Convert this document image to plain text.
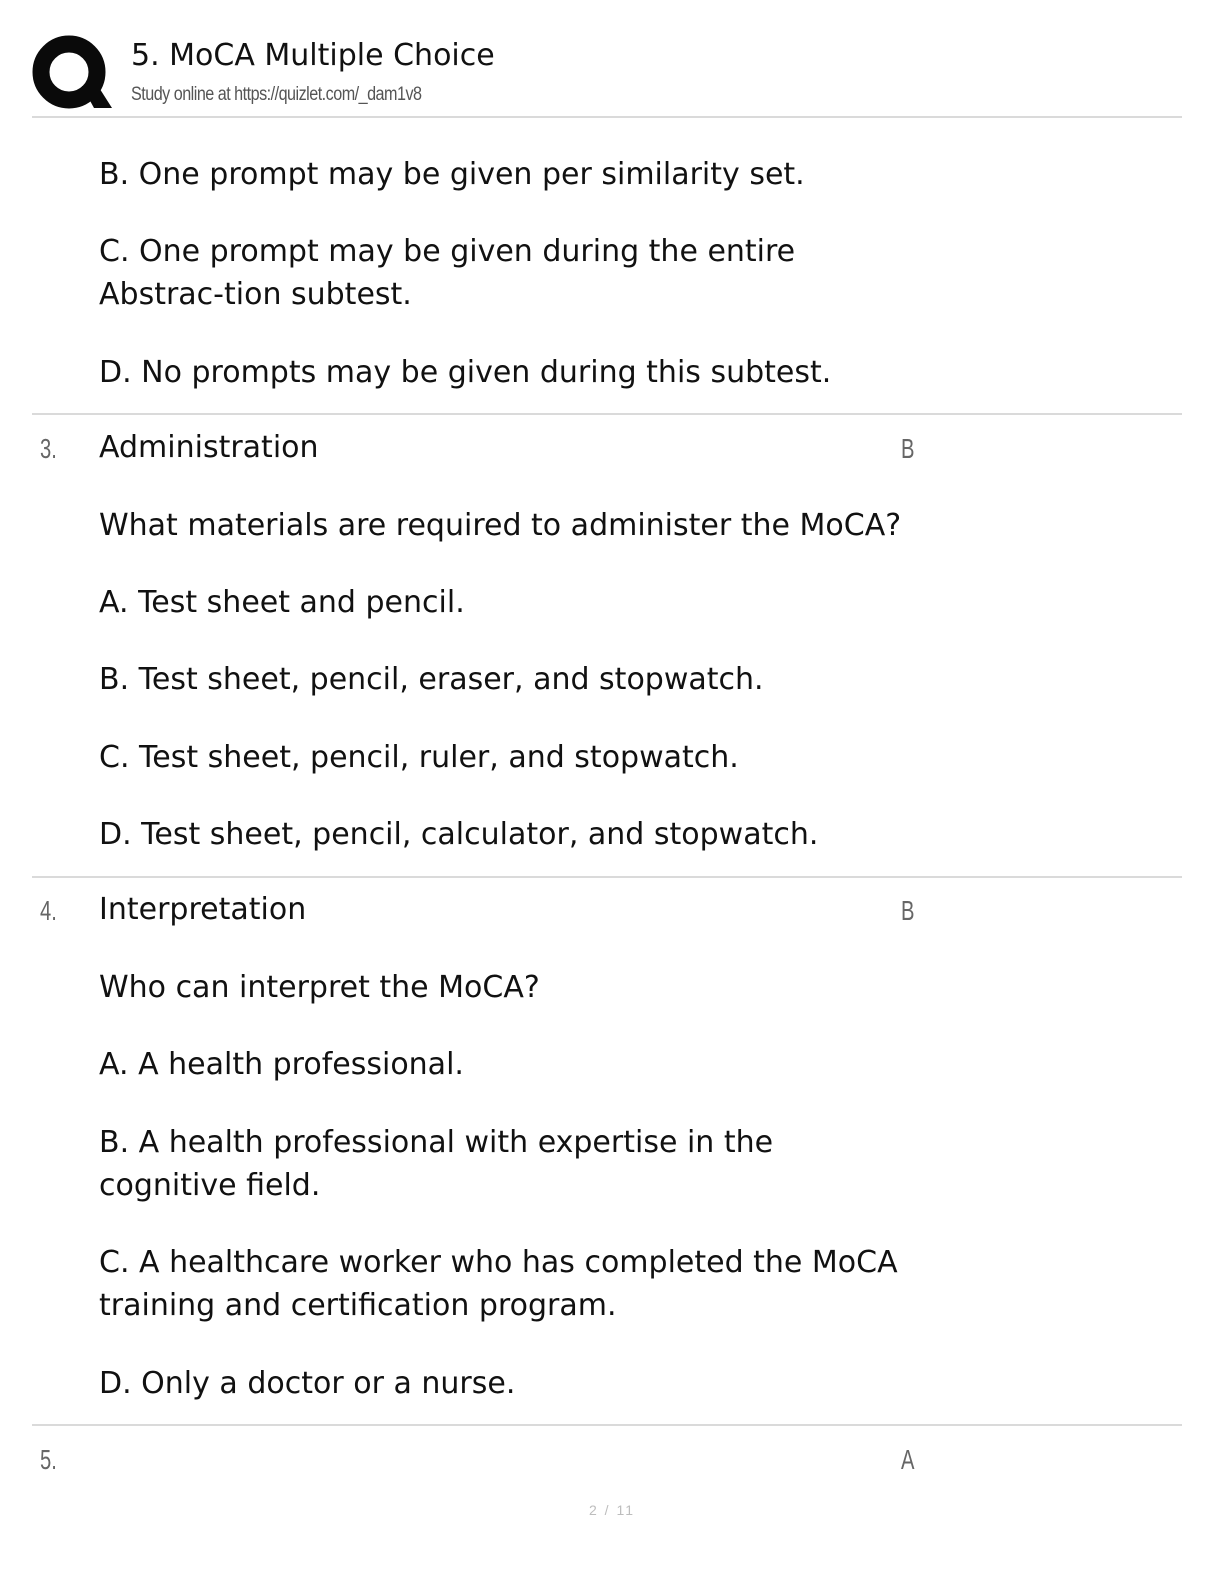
5. MoCA Multiple Choice
Study online at https://quizlet.com/_dam1v8
B. One prompt may be given per similarity set.
C. One prompt may be given during the entire Abstrac-tion subtest.
D. No prompts may be given during this subtest.
3. Administration	B
What materials are required to administer the MoCA?
A. Test sheet and pencil.
B. Test sheet, pencil, eraser, and stopwatch.
C. Test sheet, pencil, ruler, and stopwatch.
D. Test sheet, pencil, calculator, and stopwatch.
4. Interpretation	B
Who can interpret the MoCA?
A. A health professional.
B. A health professional with expertise in the cognitive field.
C. A healthcare worker who has completed the MoCA training and certification program.
D. Only a doctor or a nurse.
5.	A
2 / 11
